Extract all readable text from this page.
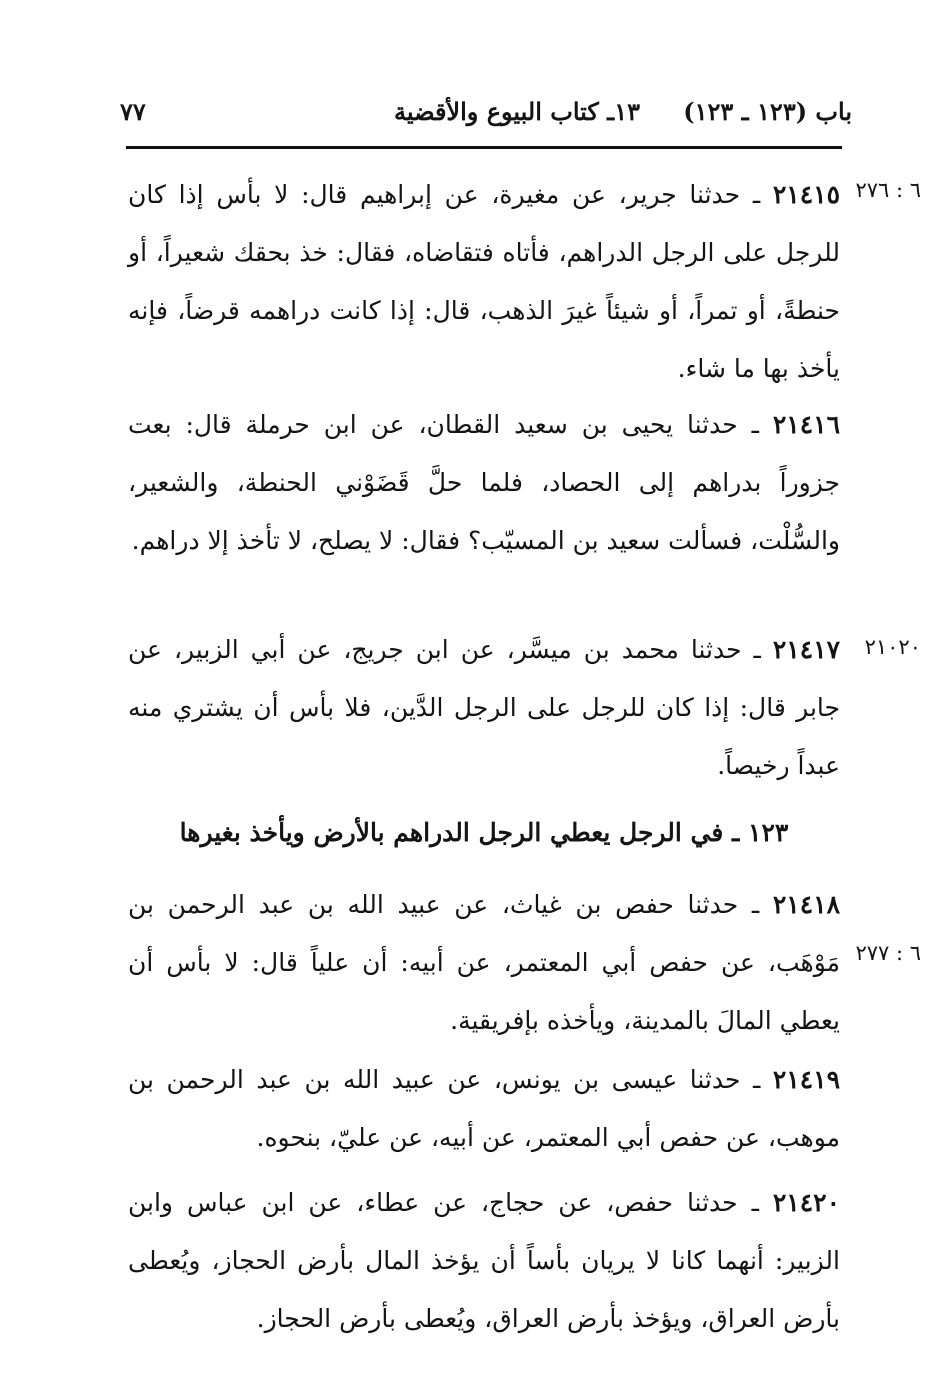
باب (١٢٣ ـ ١٢٣)
١٣ـ كتاب البيوع والأقضية
٧٧
٦ : ٢٧٦
٢١٠٢٠
٦ : ٢٧٧

٢١٤١٥ ـ حدثنا جرير، عن مغيرة، عن إبراهيم قال: لا بأس إذا كان للرجل على الرجل الدراهم، فأتاه فتقاضاه، فقال: خذ بحقك شعيراً، أو حنطةً، أو تمراً، أو شيئاً غيرَ الذهب، قال: إذا كانت دراهمه قرضاً، فإنه يأخذ بها ما شاء.

٢١٤١٦ ـ حدثنا يحيى بن سعيد القطان، عن ابن حرملة قال: بعت جزوراً بدراهم إلى الحصاد، فلما حلَّ قَضَوْني الحنطة، والشعير، والسُّلْت، فسألت سعيد بن المسيّب؟ فقال: لا يصلح، لا تأخذ إلا دراهم.

٢١٤١٧ ـ حدثنا محمد بن ميسَّر، عن ابن جريج، عن أبي الزبير، عن جابر قال: إذا كان للرجل على الرجل الدَّين، فلا بأس أن يشتري منه عبداً رخيصاً.

١٢٣ ـ في الرجل يعطي الرجل الدراهم بالأرض ويأخذ بغيرها

٢١٤١٨ ـ حدثنا حفص بن غياث، عن عبيد الله بن عبد الرحمن بن مَوْهَب، عن حفص أبي المعتمر، عن أبيه: أن علياً قال: لا بأس أن يعطي المالَ بالمدينة، ويأخذه بإفريقية.

٢١٤١٩ ـ حدثنا عيسى بن يونس، عن عبيد الله بن عبد الرحمن بن موهب، عن حفص أبي المعتمر، عن أبيه، عن عليّ، بنحوه.

٢١٤٢٠ ـ حدثنا حفص، عن حجاج، عن عطاء، عن ابن عباس وابن الزبير: أنهما كانا لا يريان بأساً أن يؤخذ المال بأرض الحجاز، ويُعطى بأرض العراق، ويؤخذ بأرض العراق، ويُعطى بأرض الحجاز.
